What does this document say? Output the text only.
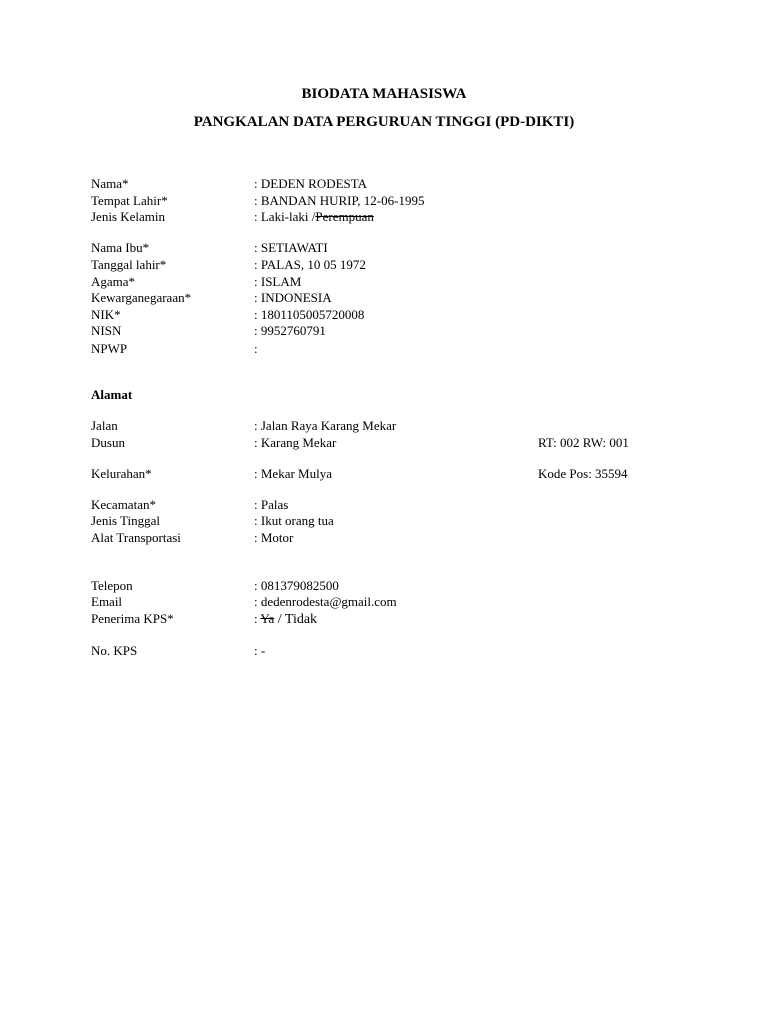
BIODATA MAHASISWA
PANGKALAN DATA PERGURUAN TINGGI (PD-DIKTI)
Nama*	: DEDEN RODESTA
Tempat Lahir*	: BANDAN HURIP, 12-06-1995
Jenis Kelamin	: Laki-laki /Perempuan
Nama Ibu*	: SETIAWATI
Tanggal lahir*	: PALAS, 10 05 1972
Agama*	: ISLAM
Kewarganegaraan*	: INDONESIA
NIK*	: 1801105005720008
NISN	: 9952760791
NPWP	:
Alamat
Jalan	: Jalan Raya Karang Mekar
Dusun	: Karang Mekar	RT: 002 RW: 001
Kelurahan*	: Mekar Mulya	Kode Pos: 35594
Kecamatan*	: Palas
Jenis Tinggal	: Ikut orang tua
Alat Transportasi	: Motor
Telepon	: 081379082500
Email	: dedenrodesta@gmail.com
Penerima KPS*	: Ya / Tidak
No. KPS	: -
